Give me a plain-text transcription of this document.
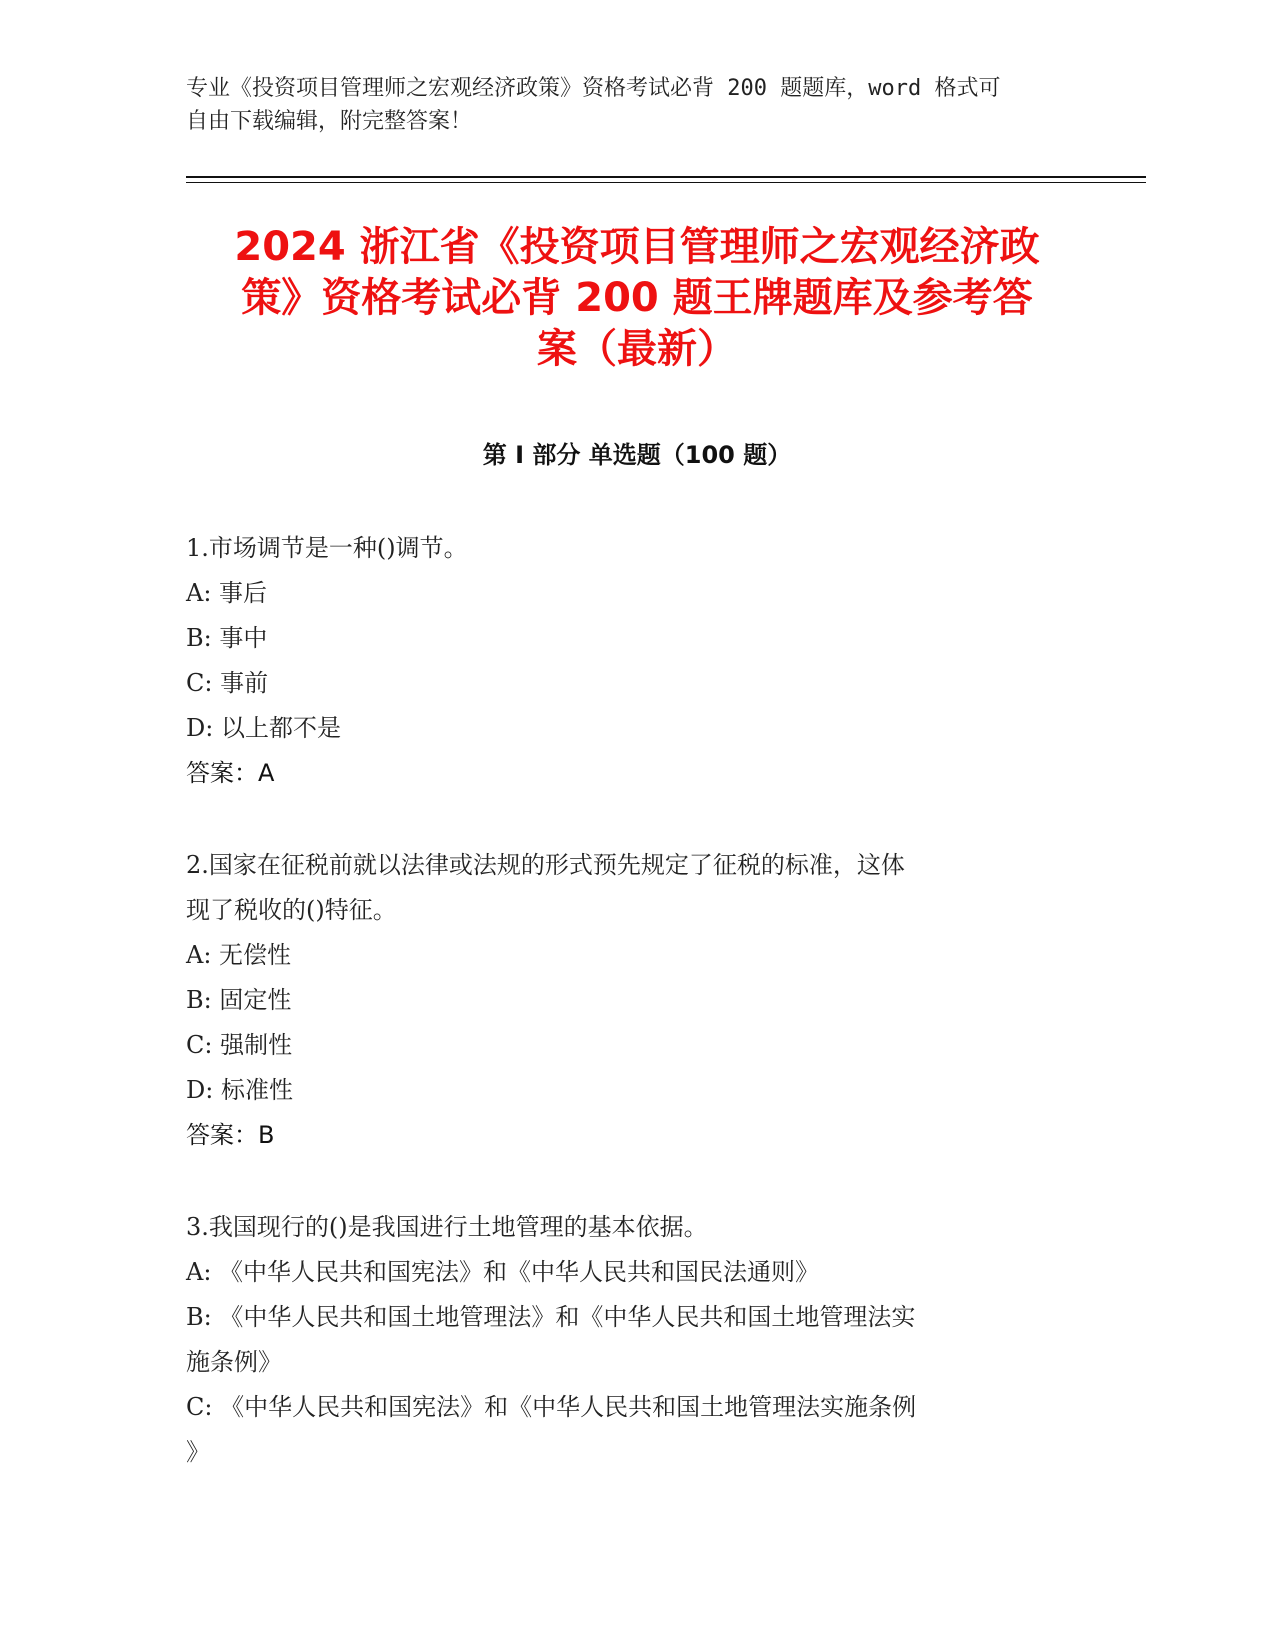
专业《投资项目管理师之宏观经济政策》资格考试必背 200 题题库，word 格式可
自由下载编辑，附完整答案！
2024 浙江省《投资项目管理师之宏观经济政
策》资格考试必背 200 题王牌题库及参考答
案（最新）
第 I 部分 单选题（100 题）

1.市场调节是一种()调节。

A: 事后

B: 事中

C: 事前

D: 以上都不是

答案：A

2.国家在征税前就以法律或法规的形式预先规定了征税的标准，这体

现了税收的()特征。

A: 无偿性

B: 固定性

C: 强制性

D: 标准性

答案：B

3.我国现行的()是我国进行土地管理的基本依据。

A: 《中华人民共和国宪法》和《中华人民共和国民法通则》

B: 《中华人民共和国土地管理法》和《中华人民共和国土地管理法实

施条例》

C: 《中华人民共和国宪法》和《中华人民共和国土地管理法实施条例

》
